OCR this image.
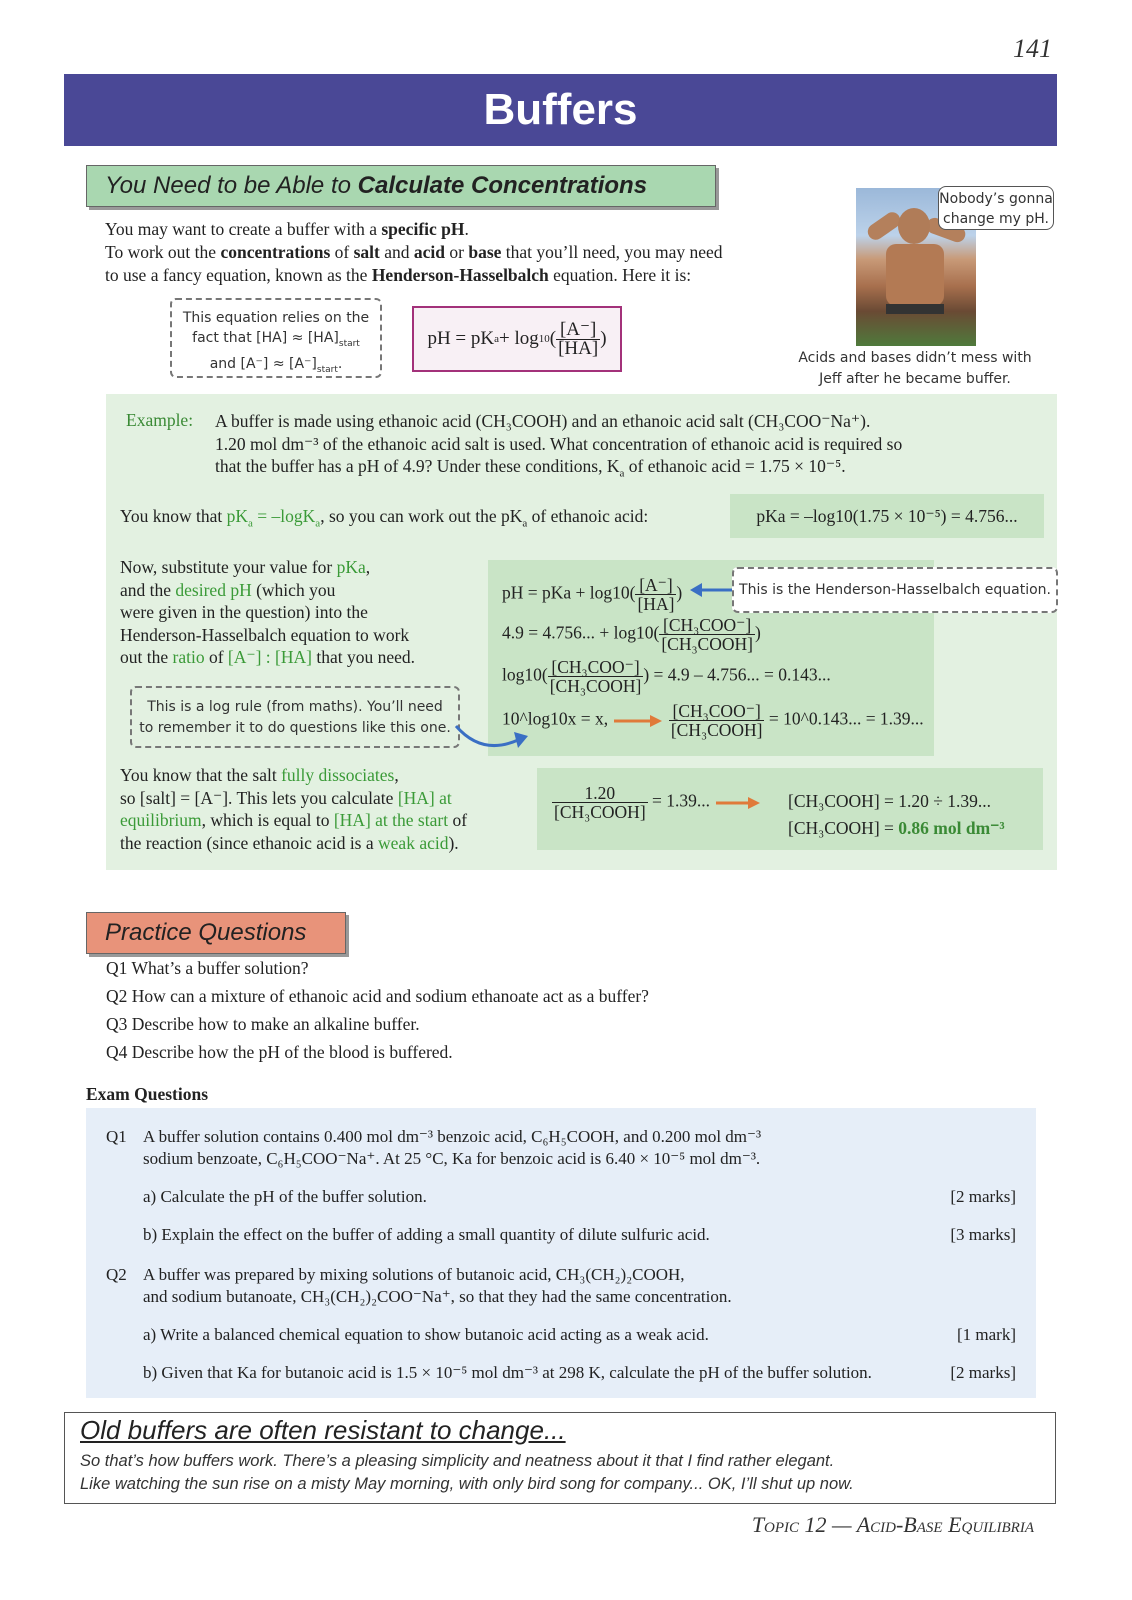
141
Buffers
You Need to be Able to Calculate Concentrations
You may want to create a buffer with a specific pH.
To work out the concentrations of salt and acid or base that you’ll need, you may need
to use a fancy equation, known as the Henderson-Hasselbalch equation. Here it is:
This equation relies on the
fact that $[HA] \approx [HA]_{start}$
and $[A^-] \approx [A^-]_{start}$.
pH = pK a + log 10 ( $\frac{[A^-]}{[HA]}$ )
Nobody’s gonna change my pH.
Acids and bases didn’t mess with Jeff after he became buffer.
Example: A buffer is made using ethanoic acid (CH₃COOH) and an ethanoic acid salt (CH₃COO⁻Na⁺).
1.20 mol dm⁻³ of the ethanoic acid salt is used. What concentration of ethanoic acid is required so
that the buffer has a pH of 4.9? Under these conditions, $K_a$ of ethanoic acid = 1.75 × 10⁻⁵.
You know that $pK_a = -\log K_a$, so you can work out the $pK_a$ of ethanoic acid:	pKa = –log10(1.75 × 10⁻⁵) = 4.756...
Now, substitute your value for pKa,
and the desired pH (which you
were given in the question) into the
Henderson-Hasselbalch equation to work
out the ratio of [A⁻] : [HA] that you need.
pH = pKa + $\log 10( \frac{[A^-]}{[HA]}$ )
4.9 = 4.756... + $\log 10( \frac{\text{[CH₃COO⁻]}}{\text{[CH₃COOH]}}$ )
$\log 10( \frac{\text{[CH₃COO⁻]}}{\text{[CH₃COOH]}}$ ) = 4.9 – 4.756... = 0.143...
10^log10x = x,	$\frac{\text{[CH₃COO⁻]}}{\text{[CH₃COOH]}}$ = 10^0.143... = 1.39...
This is the Henderson-Hasselbalch equation.
This is a log rule (from maths). You’ll need
to remember it to do questions like this one.
You know that the salt fully dissociates,
so [salt] = [A⁻]. This lets you calculate [HA] at
equilibrium, which is equal to [HA] at the start of
the reaction (since ethanoic acid is a weak acid).
$\frac{1.20}{\text{[CH₃COOH]}} = 1.39$...	[CH₃COOH] = 1.20 ÷ 1.39...
[CH₃COOH] = 0.86 mol dm⁻³
Practice Questions
Q1 What’s a buffer solution?
Q2 How can a mixture of ethanoic acid and sodium ethanoate act as a buffer?
Q3 Describe how to make an alkaline buffer.
Q4 Describe how the pH of the blood is buffered.
Exam Questions
Q1 A buffer solution contains 0.400 mol dm⁻³ benzoic acid, C₆H₅COOH, and 0.200 mol dm⁻³
sodium benzoate, C₆H₅COO⁻Na⁺. At 25 °C, Ka for benzoic acid is 6.40 × 10⁻⁵ mol dm⁻³.
a) Calculate the pH of the buffer solution.	[2 marks]
b) Explain the effect on the buffer of adding a small quantity of dilute sulfuric acid.	[3 marks]
Q2 A buffer was prepared by mixing solutions of butanoic acid, CH₃(CH₂)₂COOH,
and sodium butanoate, CH₃(CH₂)₂COO⁻Na⁺, so that they had the same concentration.
a) Write a balanced chemical equation to show butanoic acid acting as a weak acid.	[1 mark]
b) Given that Ka for butanoic acid is 1.5 × 10⁻⁵ mol dm⁻³ at 298 K, calculate the pH of the buffer solution.	[2 marks]
Old buffers are often resistant to change...
So that’s how buffers work. There’s a pleasing simplicity and neatness about it that I find rather elegant.
Like watching the sun rise on a misty May morning, with only bird song for company... OK, I’ll shut up now.
Topic 12 — Acid-Base Equilibria
